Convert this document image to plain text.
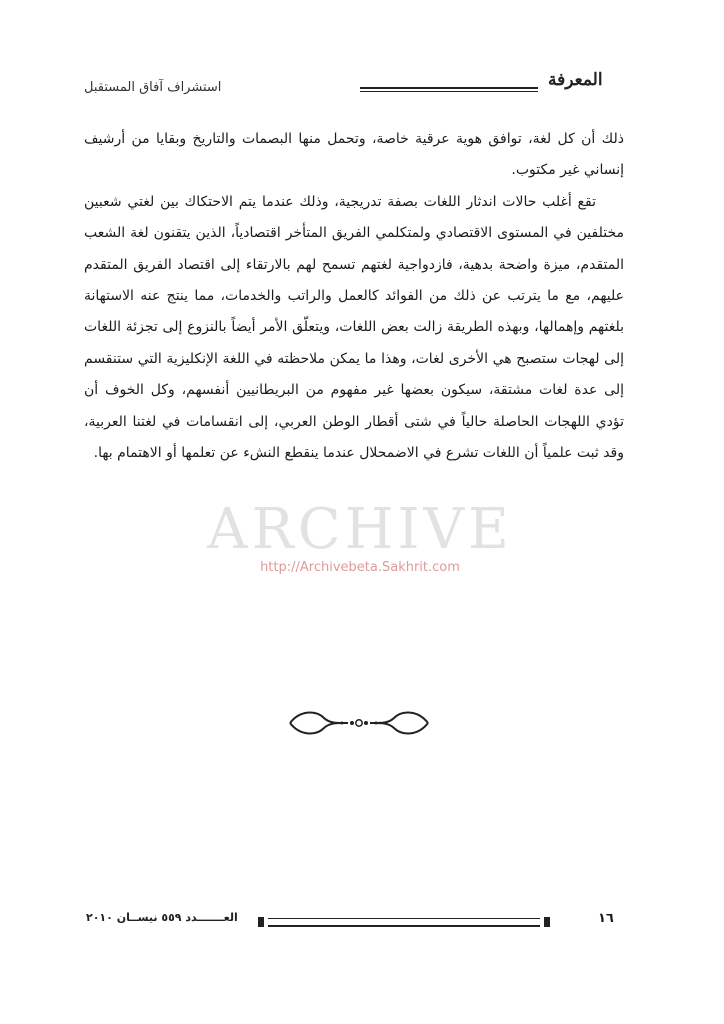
المعرفة
استشراف آفاق المستقبل

ذلك أن كل لغة، توافق هوية عرقية خاصة، وتحمل منها البصمات والتاريخ وبقايا من أرشيف إنساني غير مكتوب.

تقع أغلب حالات اندثار اللغات بصفة تدريجية، وذلك عندما يتم الاحتكاك بين لغتي شعبين مختلفين في المستوى الاقتصادي ولمتكلمي الفريق المتأخر اقتصادياً، الذين يتقنون لغة الشعب المتقدم، ميزة واضحة بدهية، فازدواجية لغتهم تسمح لهم بالارتقاء إلى اقتصاد الفريق المتقدم عليهم، مع ما يترتب عن ذلك من الفوائد كالعمل والراتب والخدمات، مما ينتج عنه الاستهانة بلغتهم وإهمالها، وبهذه الطريقة زالت بعض اللغات، ويتعلّق الأمر أيضاً بالنزوع إلى تجزئة اللغات إلى لهجات ستصبح هي الأخرى لغات، وهذا ما يمكن ملاحظته في اللغة الإنكليزية التي ستنقسم إلى عدة لغات مشتقة، سيكون بعضها غير مفهوم من البريطانيين أنفسهم، وكل الخوف أن تؤدي اللهجات الحاصلة حالياً في شتى أقطار الوطن العربي، إلى انقسامات في لغتنا العربية، وقد ثبت علمياً أن اللغات تشرع في الاضمحلال عندما ينقطع النشء عن تعلمها أو الاهتمام بها.

ARCHIVE
http://Archivebeta.Sakhrit.com
١٦
العـــــــدد ٥٥٩ نيســان ٢٠١٠
